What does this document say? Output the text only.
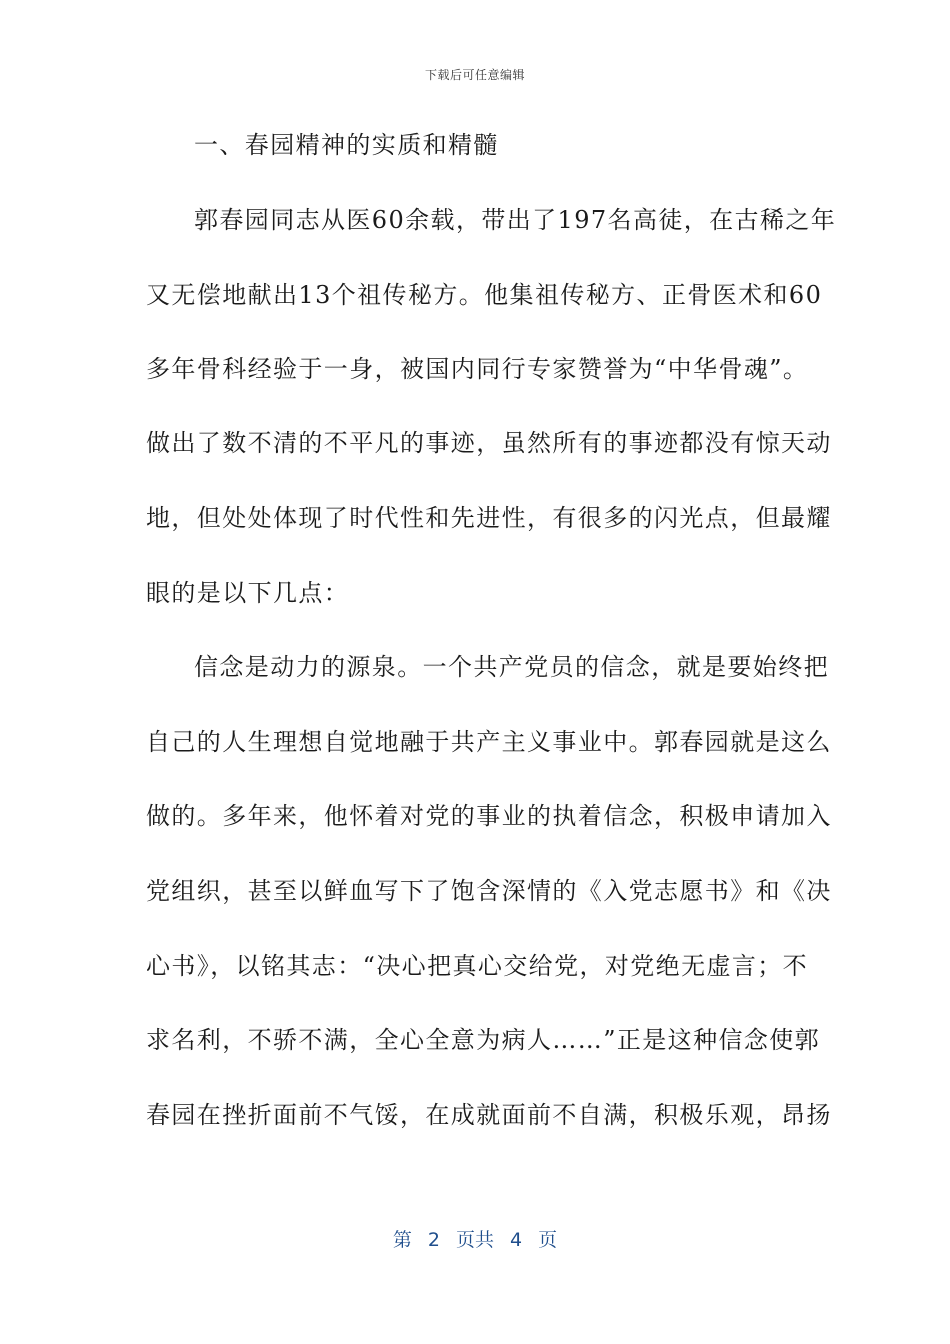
下载后可任意编辑
一、春园精神的实质和精髓
郭春园同志从医60余载，带出了197名高徒，在古稀之年
又无偿地献出13个祖传秘方。他集祖传秘方、正骨医术和60
多年骨科经验于一身，被国内同行专家赞誉为“中华骨魂”。
做出了数不清的不平凡的事迹，虽然所有的事迹都没有惊天动
地，但处处体现了时代性和先进性，有很多的闪光点，但最耀
眼的是以下几点：
信念是动力的源泉。一个共产党员的信念，就是要始终把
自己的人生理想自觉地融于共产主义事业中。郭春园就是这么
做的。多年来，他怀着对党的事业的执着信念，积极申请加入
党组织，甚至以鲜血写下了饱含深情的《入党志愿书》和《决
心书》，以铭其志：“决心把真心交给党，对党绝无虚言；不
求名利，不骄不满，全心全意为病人……”正是这种信念使郭
春园在挫折面前不气馁，在成就面前不自满，积极乐观，昂扬
第 2 页共 4 页
